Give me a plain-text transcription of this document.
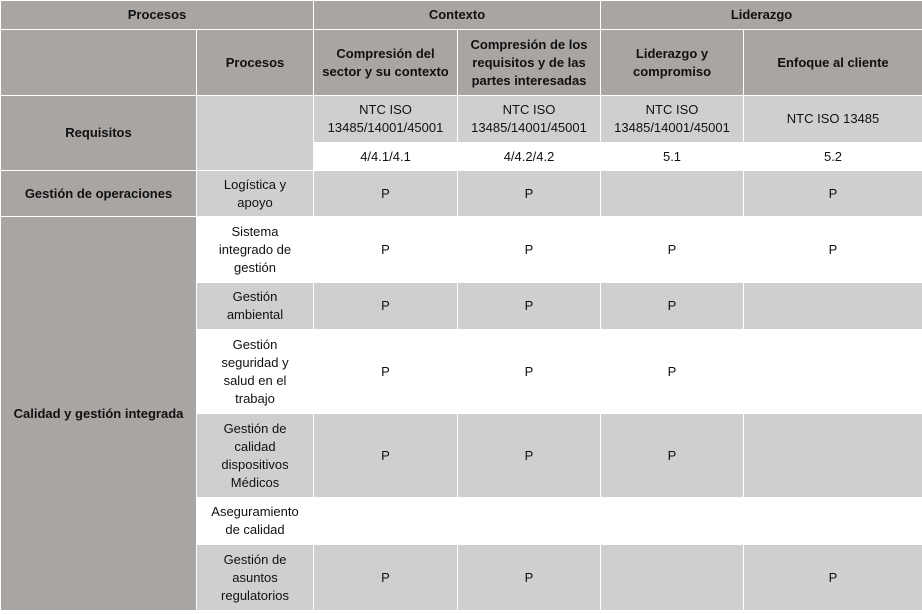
Procesos		Contexto		Liderazgo	
	Procesos	Compresión del
sector y su contexto	Compresión de los
requisitos y de las
partes interesadas	Liderazgo y
compromiso	Enfoque al cliente
Requisitos		NTC ISO
13485/14001/45001	NTC ISO
13485/14001/45001	NTC ISO
13485/14001/45001	NTC ISO 13485
		4/4.1/4.1	4/4.2/4.2	5.1	5.2
Gestión de operaciones	Logística y
apoyo	P	P		P
Calidad y gestión integrada	Sistema
integrado de
gestión	P	P	P	P
	Gestión
ambiental	P	P	P	
	Gestión
seguridad y
salud en el
trabajo	P	P	P	
	Gestión de
calidad
dispositivos
Médicos	P	P	P	
	Aseguramiento
de calidad				
	Gestión de
asuntos
regulatorios	P	P		P
